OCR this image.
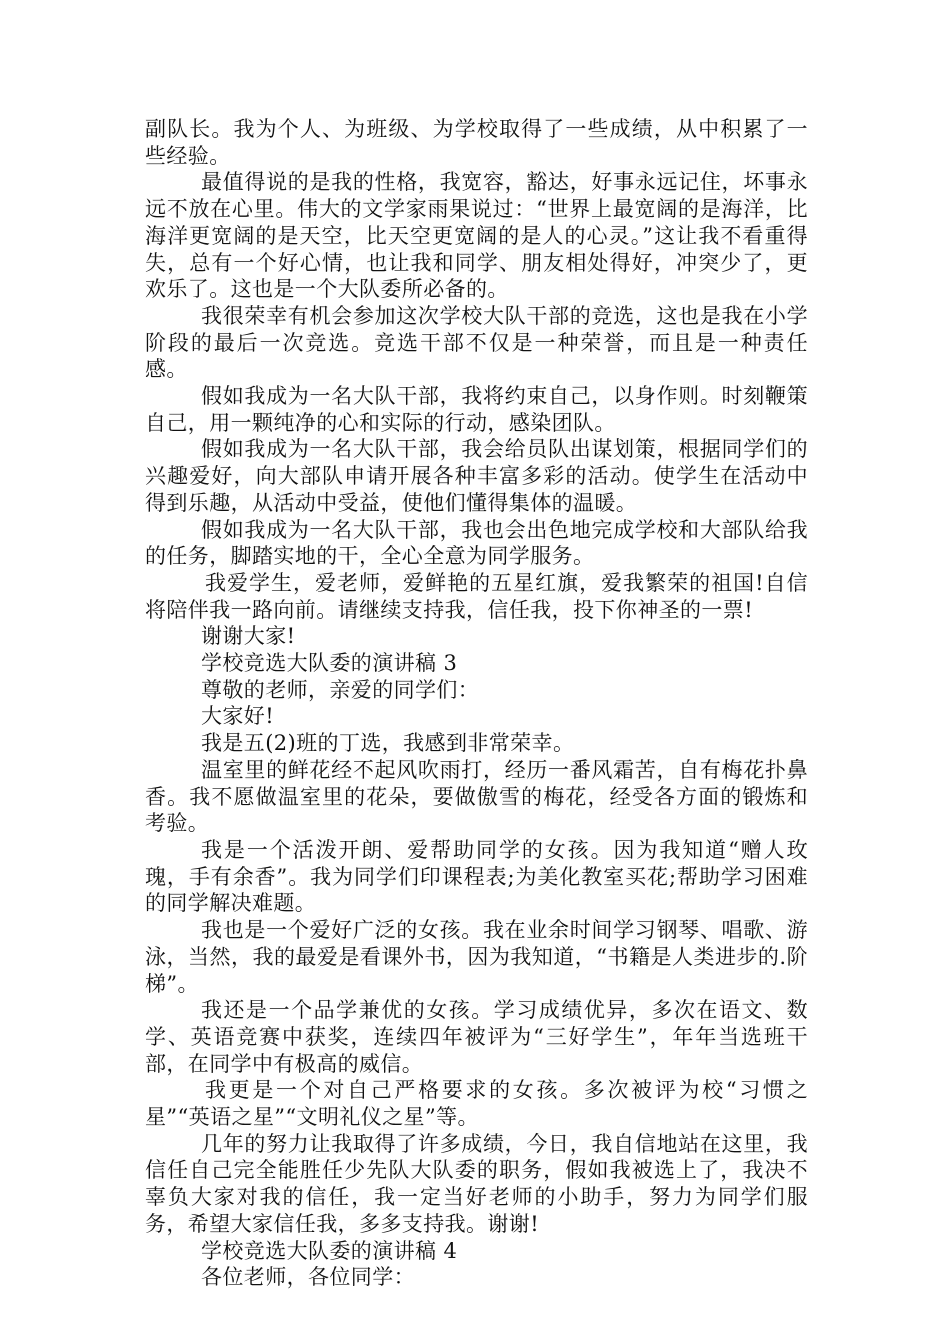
副队长。我为个人、为班级、为学校取得了一些成绩，从中积累了一些经验。

最值得说的是我的性格，我宽容，豁达，好事永远记住，坏事永远不放在心里。伟大的文学家雨果说过：“世界上最宽阔的是海洋，比海洋更宽阔的是天空，比天空更宽阔的是人的心灵。”这让我不看重得失，总有一个好心情，也让我和同学、朋友相处得好，冲突少了，更欢乐了。这也是一个大队委所必备的。

我很荣幸有机会参加这次学校大队干部的竞选，这也是我在小学阶段的最后一次竞选。竞选干部不仅是一种荣誉，而且是一种责任感。

假如我成为一名大队干部，我将约束自己，以身作则。时刻鞭策自己，用一颗纯净的心和实际的行动，感染团队。

假如我成为一名大队干部，我会给员队出谋划策，根据同学们的兴趣爱好，向大部队申请开展各种丰富多彩的活动。使学生在活动中得到乐趣，从活动中受益，使他们懂得集体的温暖。

假如我成为一名大队干部，我也会出色地完成学校和大部队给我的任务，脚踏实地的干，全心全意为同学服务。

我爱学生，爱老师，爱鲜艳的五星红旗，爱我繁荣的祖国!自信将陪伴我一路向前。请继续支持我，信任我，投下你神圣的一票!

谢谢大家!

学校竞选大队委的演讲稿 3

尊敬的老师，亲爱的同学们：

大家好!

我是五(2)班的丁选，我感到非常荣幸。

温室里的鲜花经不起风吹雨打，经历一番风霜苦，自有梅花扑鼻香。我不愿做温室里的花朵，要做傲雪的梅花，经受各方面的锻炼和考验。

我是一个活泼开朗、爱帮助同学的女孩。因为我知道“赠人玫瑰，手有余香”。我为同学们印课程表;为美化教室买花;帮助学习困难的同学解决难题。

我也是一个爱好广泛的女孩。我在业余时间学习钢琴、唱歌、游泳，当然，我的最爱是看课外书，因为我知道，“书籍是人类进步的.阶梯”。

我还是一个品学兼优的女孩。学习成绩优异，多次在语文、数学、英语竞赛中获奖，连续四年被评为“三好学生”，年年当选班干部，在同学中有极高的威信。

我更是一个对自己严格要求的女孩。多次被评为校“习惯之星”“英语之星”“文明礼仪之星”等。

几年的努力让我取得了许多成绩，今日，我自信地站在这里，我信任自己完全能胜任少先队大队委的职务，假如我被选上了，我决不辜负大家对我的信任，我一定当好老师的小助手，努力为同学们服务，希望大家信任我，多多支持我。谢谢!

学校竞选大队委的演讲稿 4

各位老师，各位同学：
